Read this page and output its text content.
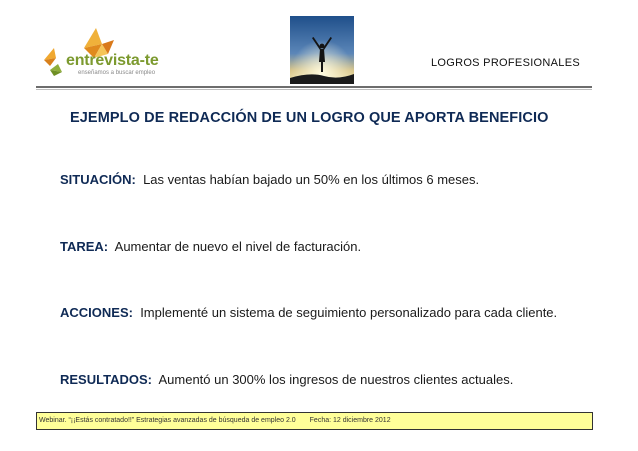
entrevista-te
enseñamos a buscar empleo
LOGROS PROFESIONALES
EJEMPLO DE REDACCIÓN DE UN LOGRO QUE APORTA BENEFICIO
SITUACIÓN: Las ventas habían bajado un 50% en los últimos 6 meses.
TAREA: Aumentar de nuevo el nivel de facturación.
ACCIONES: Implementé un sistema de seguimiento personalizado para cada cliente.
RESULTADOS: Aumentó un 300% los ingresos de nuestros clientes actuales.
Webinar. “¡¡Estás contratado!!” Estrategias avanzadas de búsqueda de empleo 2.0 Fecha: 12 diciembre 2012
